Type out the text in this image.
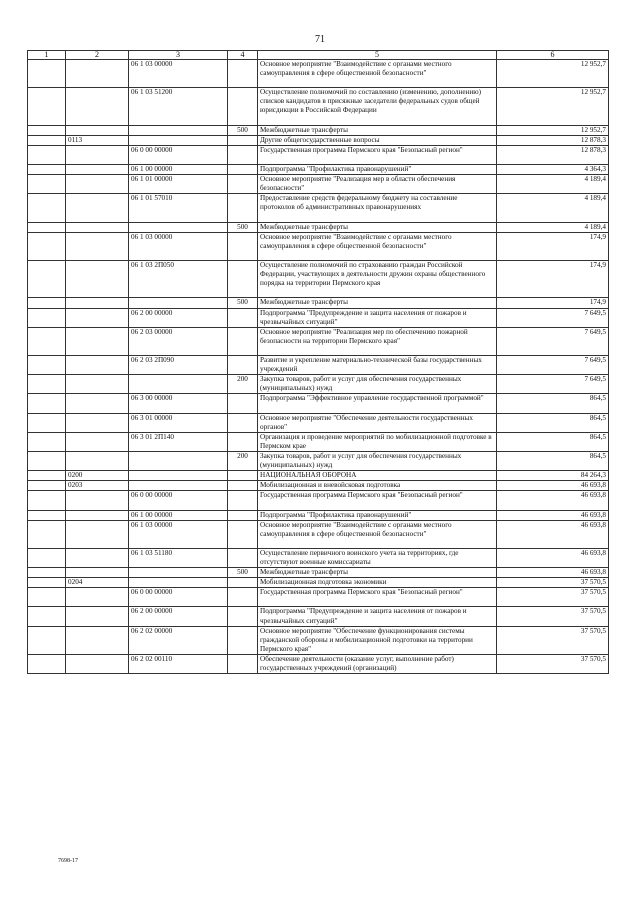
71
1	2	3	4	5	6
		06 1 03 00000		Основное мероприятие "Взаимодействие с органами местного самоуправления в сфере общественной безопасности"	12 952,7
		06 1 03 51200		Осуществление полномочий по составлению (изменению, дополнению) списков кандидатов в присяжные заседатели федеральных судов общей юрисдикции в Российской Федерации	12 952,7
			500	Межбюджетные трансферты	12 952,7
	0113			Другие общегосударственные вопросы	12 878,3
		06 0 00 00000		Государственная программа Пермского края "Безопасный регион"	12 878,3
		06 1 00 00000		Подпрограмма "Профилактика правонарушений"	4 364,3
		06 1 01 00000		Основное мероприятие "Реализация мер в области обеспечения безопасности"	4 189,4
		06 1 01 57010		Предоставление средств федеральному бюджету на составление протоколов об административных правонарушениях	4 189,4
			500	Межбюджетные трансферты	4 189,4
		06 1 03 00000		Основное мероприятие "Взаимодействие с органами местного самоуправления в сфере общественной безопасности"	174,9
		06 1 03 2П050		Осуществление полномочий по страхованию граждан Российской Федерации, участвующих в деятельности дружин охраны общественного порядка на территории Пермского края	174,9
			500	Межбюджетные трансферты	174,9
		06 2 00 00000		Подпрограмма "Предупреждение и защита населения от пожаров и чрезвычайных ситуаций"	7 649,5
		06 2 03 00000		Основное мероприятие "Реализация мер по обеспечению пожарной безопасности на территории Пермского края"	7 649,5
		06 2 03 2П090		Развитие и укрепление материально-технической базы государственных учреждений	7 649,5
			200	Закупка товаров, работ и услуг для обеспечения государственных (муниципальных) нужд	7 649,5
		06 3 00 00000		Подпрограмма "Эффективное управление государственной программой"	864,5
		06 3 01 00000		Основное мероприятие "Обеспечение деятельности государственных органов"	864,5
		06 3 01 2П140		Организация и проведение мероприятий по мобилизационной подготовке в Пермском крае	864,5
			200	Закупка товаров, работ и услуг для обеспечения государственных (муниципальных) нужд	864,5
	0200			НАЦИОНАЛЬНАЯ ОБОРОНА	84 264,3
	0203			Мобилизационная и вневойсковая подготовка	46 693,8
		06 0 00 00000		Государственная программа Пермского края "Безопасный регион"	46 693,8
		06 1 00 00000		Подпрограмма "Профилактика правонарушений"	46 693,8
		06 1 03 00000		Основное мероприятие "Взаимодействие с органами местного самоуправления в сфере общественной безопасности"	46 693,8
		06 1 03 51180		Осуществление первичного воинского учета на территориях, где отсутствуют военные комиссариаты	46 693,8
			500	Межбюджетные трансферты	46 693,8
	0204			Мобилизационная подготовка экономики	37 570,5
		06 0 00 00000		Государственная программа Пермского края "Безопасный регион"	37 570,5
		06 2 00 00000		Подпрограмма "Предупреждение и защита населения от пожаров и чрезвычайных ситуаций"	37 570,5
		06 2 02 00000		Основное мероприятие "Обеспечение функционирования системы гражданской обороны и мобилизационной подготовки на территории Пермского края"	37 570,5
		06 2 02 00110		Обеспечение деятельности (оказание услуг, выполнение работ) государственных учреждений (организаций)	37 570,5
7698-17
